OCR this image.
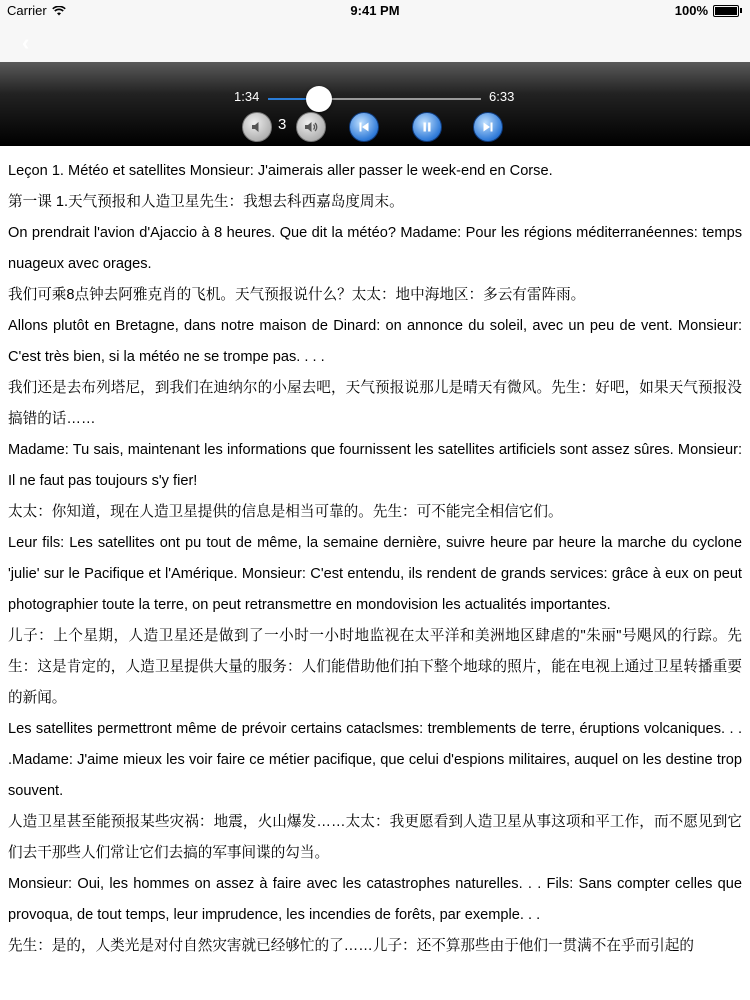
Carrier	9:41 PM	100%
‹
1:34	6:33
3

Leçon 1. Météo et satellites Monsieur: J'aimerais aller passer le week-end en Corse.

第一课 1.天气预报和人造卫星先生：我想去科西嘉岛度周末。

On prendrait l'avion d'Ajaccio à 8 heures. Que dit la météo? Madame: Pour les régions méditerranéennes: temps nuageux avec orages.

我们可乘8点钟去阿雅克肖的飞机。天气预报说什么？太太：地中海地区：多云有雷阵雨。

Allons plutôt en Bretagne, dans notre maison de Dinard: on annonce du soleil, avec un peu de vent. Monsieur: C'est très bien, si la météo ne se trompe pas. . . .

我们还是去布列塔尼，到我们在迪纳尔的小屋去吧，天气预报说那儿是晴天有微风。先生：好吧，如果天气预报没搞错的话……

Madame: Tu sais, maintenant les informations que fournissent les satellites artificiels sont assez sûres. Monsieur: Il ne faut pas toujours s'y fier!

太太：你知道，现在人造卫星提供的信息是相当可靠的。先生：可不能完全相信它们。

Leur fils: Les satellites ont pu tout de même, la semaine dernière, suivre heure par heure la marche du cyclone 'julie' sur le Pacifique et l'Amérique. Monsieur: C'est entendu, ils rendent de grands services: grâce à eux on peut photographier toute la terre, on peut retransmettre en mondovision les actualités importantes.

儿子：上个星期，人造卫星还是做到了一小时一小时地监视在太平洋和美洲地区肆虐的"朱丽"号飓风的行踪。先生：这是肯定的，人造卫星提供大量的服务：人们能借助他们拍下整个地球的照片，能在电视上通过卫星转播重要的新闻。

Les satellites permettront même de prévoir certains cataclsmes: tremblements de terre, éruptions volcaniques. . . .Madame: J'aime mieux les voir faire ce métier pacifique, que celui d'espions militaires, auquel on les destine trop souvent.

人造卫星甚至能预报某些灾祸：地震，火山爆发……太太：我更愿看到人造卫星从事这项和平工作，而不愿见到它们去干那些人们常让它们去搞的军事间谍的勾当。

Monsieur: Oui, les hommes on assez à faire avec les catastrophes naturelles. . . Fils: Sans compter celles que provoqua, de tout temps, leur imprudence, les incendies de forêts, par exemple. . .

先生：是的，人类光是对付自然灾害就已经够忙的了……儿子：还不算那些由于他们一贯满不在乎而引起的
